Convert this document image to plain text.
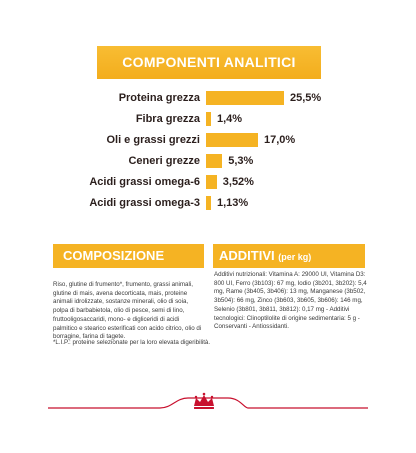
COMPONENTI ANALITICI
Proteina grezza	25,5%
Fibra grezza 1,4%
Oli e grassi grezzi	17,0%
Ceneri grezze	5,3%
Acidi grassi omega-6 3,52%
Acidi grassi omega-3 1,13%
COMPOSIZIONE	ADDITIVI (per kg)
Riso, glutine di frumento*, frumento, grassi animali, glutine di mais, avena decorticata, mais, proteine animali idrolizzate, sostanze minerali, olio di soia, polpa di barbabietola, olio di pesce, semi di lino, fruttooligosaccaridi, mono- e digliceridi di acidi palmitico e stearico esterificati con acido citrico, olio di borragine, farina di tagete.
*L.I.P.: proteine selezionate per la loro elevata digeribilità.
Additivi nutrizionali: Vitamina A: 29000 UI, Vitamina D3: 800 UI, Ferro (3b103): 67 mg, Iodio (3b201, 3b202): 5,4 mg, Rame (3b405, 3b406): 13 mg, Manganese (3b502, 3b504): 66 mg, Zinco (3b603, 3b605, 3b606): 146 mg, Selenio (3b801, 3b811, 3b812): 0,17 mg - Additivi tecnologici: Clinoptilolite di origine sedimentaria: 5 g - Conservanti - Antiossidanti.
